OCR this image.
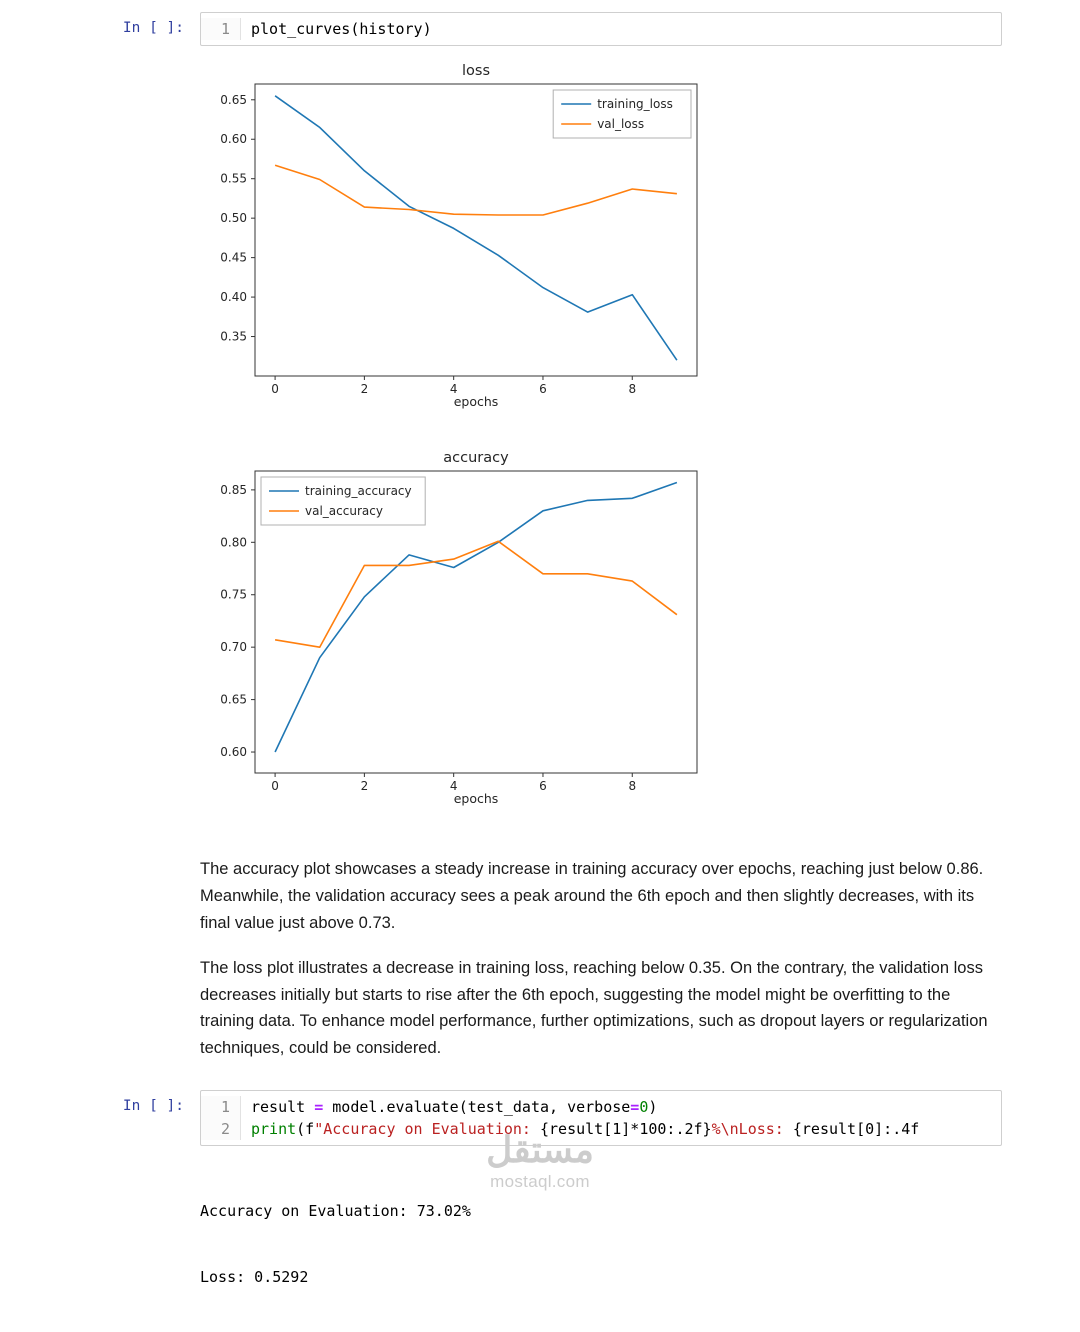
In [ ]:	1	plot_curves(history)
loss
0.35
0.40
0.45
0.50
0.55
0.60
0.65
0	2	4	6	8
epochs
training_loss
val_loss
accuracy
0.60
0.65
0.70
0.75
0.80
0.85
0	2	4	6	8
epochs
training_accuracy
val_accuracy

The accuracy plot showcases a steady increase in training accuracy over epochs, reaching just below 0.86. Meanwhile, the validation accuracy sees a peak around the 6th epoch and then slightly decreases, with its final value just above 0.73.

The loss plot illustrates a decrease in training loss, reaching below 0.35. On the contrary, the validation loss decreases initially but starts to rise after the 6th epoch, suggesting the model might be overfitting to the training data. To enhance model performance, further optimizations, such as dropout layers or regularization techniques, could be considered.

In [ ]:	1	result = model.evaluate(test_data, verbose=0)
2	print(f"Accuracy on Evaluation: {result[1]*100:.2f}%\nLoss: {result[0]:.4f

Accuracy on Evaluation: 73.02%

Loss: 0.5292

مستقل
mostaql.com
